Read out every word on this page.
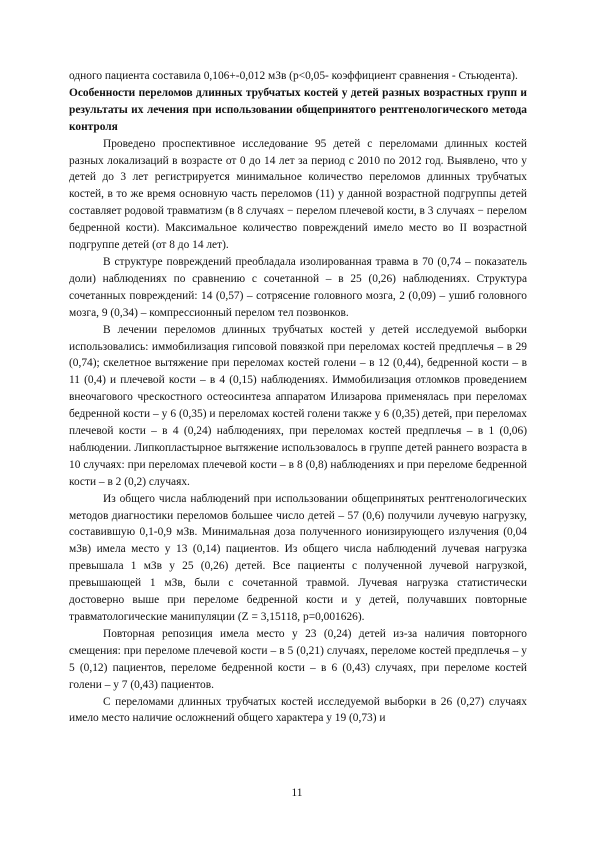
одного пациента составила 0,106+-0,012 мЗв (p<0,05- коэффициент сравнения - Стьюдента).

Особенности переломов длинных трубчатых костей у детей разных возрастных групп и результаты их лечения при использовании общепринятого рентгенологического метода контроля

Проведено проспективное исследование 95 детей с переломами длинных костей разных локализаций в возрасте от 0 до 14 лет за период с 2010 по 2012 год. Выявлено, что у детей до 3 лет регистрируется минимальное количество переломов длинных трубчатых костей, в то же время основную часть переломов (11) у данной возрастной подгруппы детей составляет родовой травматизм (в 8 случаях − перелом плечевой кости, в 3 случаях − перелом бедренной кости). Максимальное количество повреждений имело место во II возрастной подгруппе детей (от 8 до 14 лет).

В структуре повреждений преобладала изолированная травма в 70 (0,74 – показатель доли) наблюдениях по сравнению с сочетанной – в 25 (0,26) наблюдениях. Структура сочетанных повреждений: 14 (0,57) – сотрясение головного мозга, 2 (0,09) – ушиб головного мозга, 9 (0,34) – компрессионный перелом тел позвонков.

В лечении переломов длинных трубчатых костей у детей исследуемой выборки использовались: иммобилизация гипсовой повязкой при переломах костей предплечья – в 29 (0,74); скелетное вытяжение при переломах костей голени – в 12 (0,44), бедренной кости – в 11 (0,4) и плечевой кости – в 4 (0,15) наблюдениях. Иммобилизация отломков проведением внеочагового чрескостного остеосинтеза аппаратом Илизарова применялась при переломах бедренной кости – у 6 (0,35) и переломах костей голени также у 6 (0,35) детей, при переломах плечевой кости – в 4 (0,24) наблюдениях, при переломах костей предплечья – в 1 (0,06) наблюдении. Липкопластырное вытяжение использовалось в группе детей раннего возраста в 10 случаях: при переломах плечевой кости – в 8 (0,8) наблюдениях и при переломе бедренной кости – в 2 (0,2) случаях.

Из общего числа наблюдений при использовании общепринятых рентгенологических методов диагностики переломов большее число детей – 57 (0,6) получили лучевую нагрузку, составившую 0,1-0,9 мЗв. Минимальная доза полученного ионизирующего излучения (0,04 мЗв) имела место у 13 (0,14) пациентов. Из общего числа наблюдений лучевая нагрузка превышала 1 мЗв у 25 (0,26) детей. Все пациенты с полученной лучевой нагрузкой, превышающей 1 мЗв, были с сочетанной травмой. Лучевая нагрузка статистически достоверно выше при переломе бедренной кости и у детей, получавших повторные травматологические манипуляции (Z = 3,15118, p=0,001626).

Повторная репозиция имела место у 23 (0,24) детей из-за наличия повторного смещения: при переломе плечевой кости – в 5 (0,21) случаях, переломе костей предплечья – у 5 (0,12) пациентов, переломе бедренной кости – в 6 (0,43) случаях, при переломе костей голени – у 7 (0,43) пациентов.

С переломами длинных трубчатых костей исследуемой выборки в 26 (0,27) случаях имело место наличие осложнений общего характера у 19 (0,73) и

11
